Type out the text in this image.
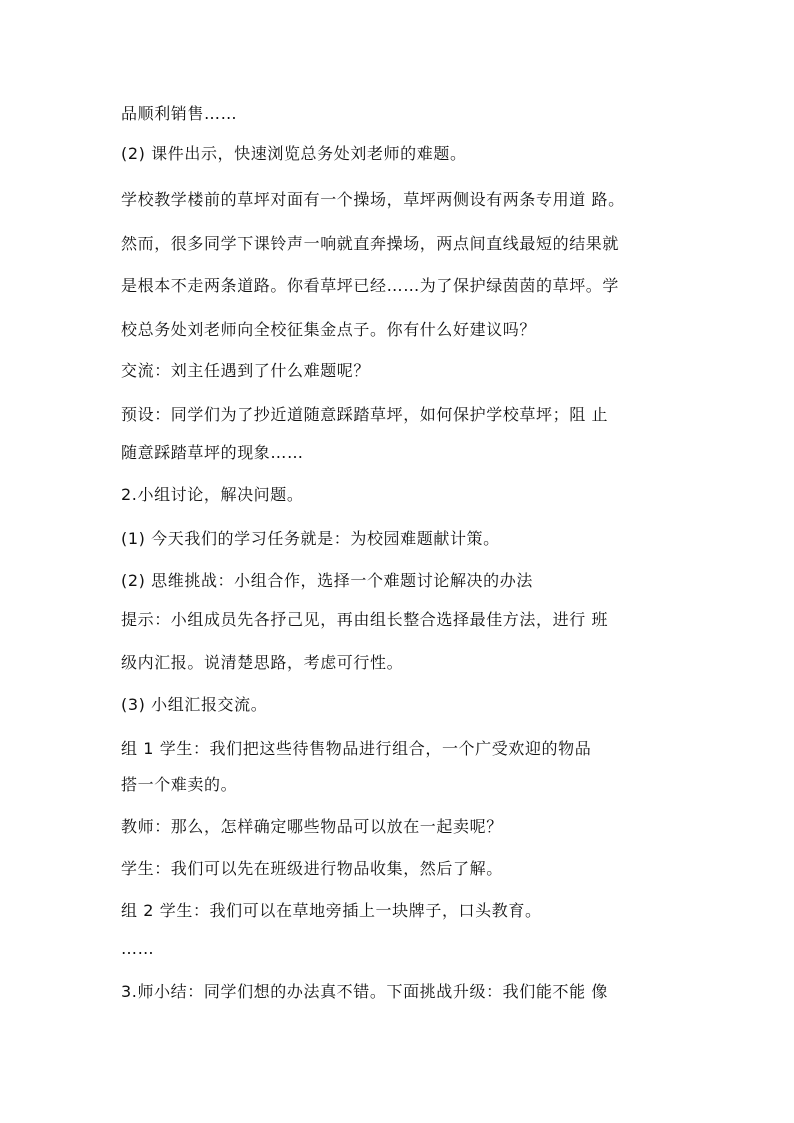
品顺利销售……

(2) 课件出示，快速浏览总务处刘老师的难题。

学校教学楼前的草坪对面有一个操场，草坪两侧设有两条专用道 路。

然而，很多同学下课铃声一响就直奔操场，两点间直线最短的结果就

是根本不走两条道路。你看草坪已经……为了保护绿茵茵的草坪。学

校总务处刘老师向全校征集金点子。你有什么好建议吗？

交流：刘主任遇到了什么难题呢？

预设：同学们为了抄近道随意踩踏草坪，如何保护学校草坪；阻 止

随意踩踏草坪的现象……

2.小组讨论，解决问题。

(1) 今天我们的学习任务就是：为校园难题献计策。

(2) 思维挑战：小组合作，选择一个难题讨论解决的办法

提示：小组成员先各抒己见，再由组长整合选择最佳方法，进行 班

级内汇报。说清楚思路，考虑可行性。

(3) 小组汇报交流。

组 1 学生：我们把这些待售物品进行组合，一个广受欢迎的物品

搭一个难卖的。

教师：那么，怎样确定哪些物品可以放在一起卖呢？

学生：我们可以先在班级进行物品收集，然后了解。

组 2 学生：我们可以在草地旁插上一块牌子，口头教育。

……

3.师小结：同学们想的办法真不错。下面挑战升级：我们能不能 像
